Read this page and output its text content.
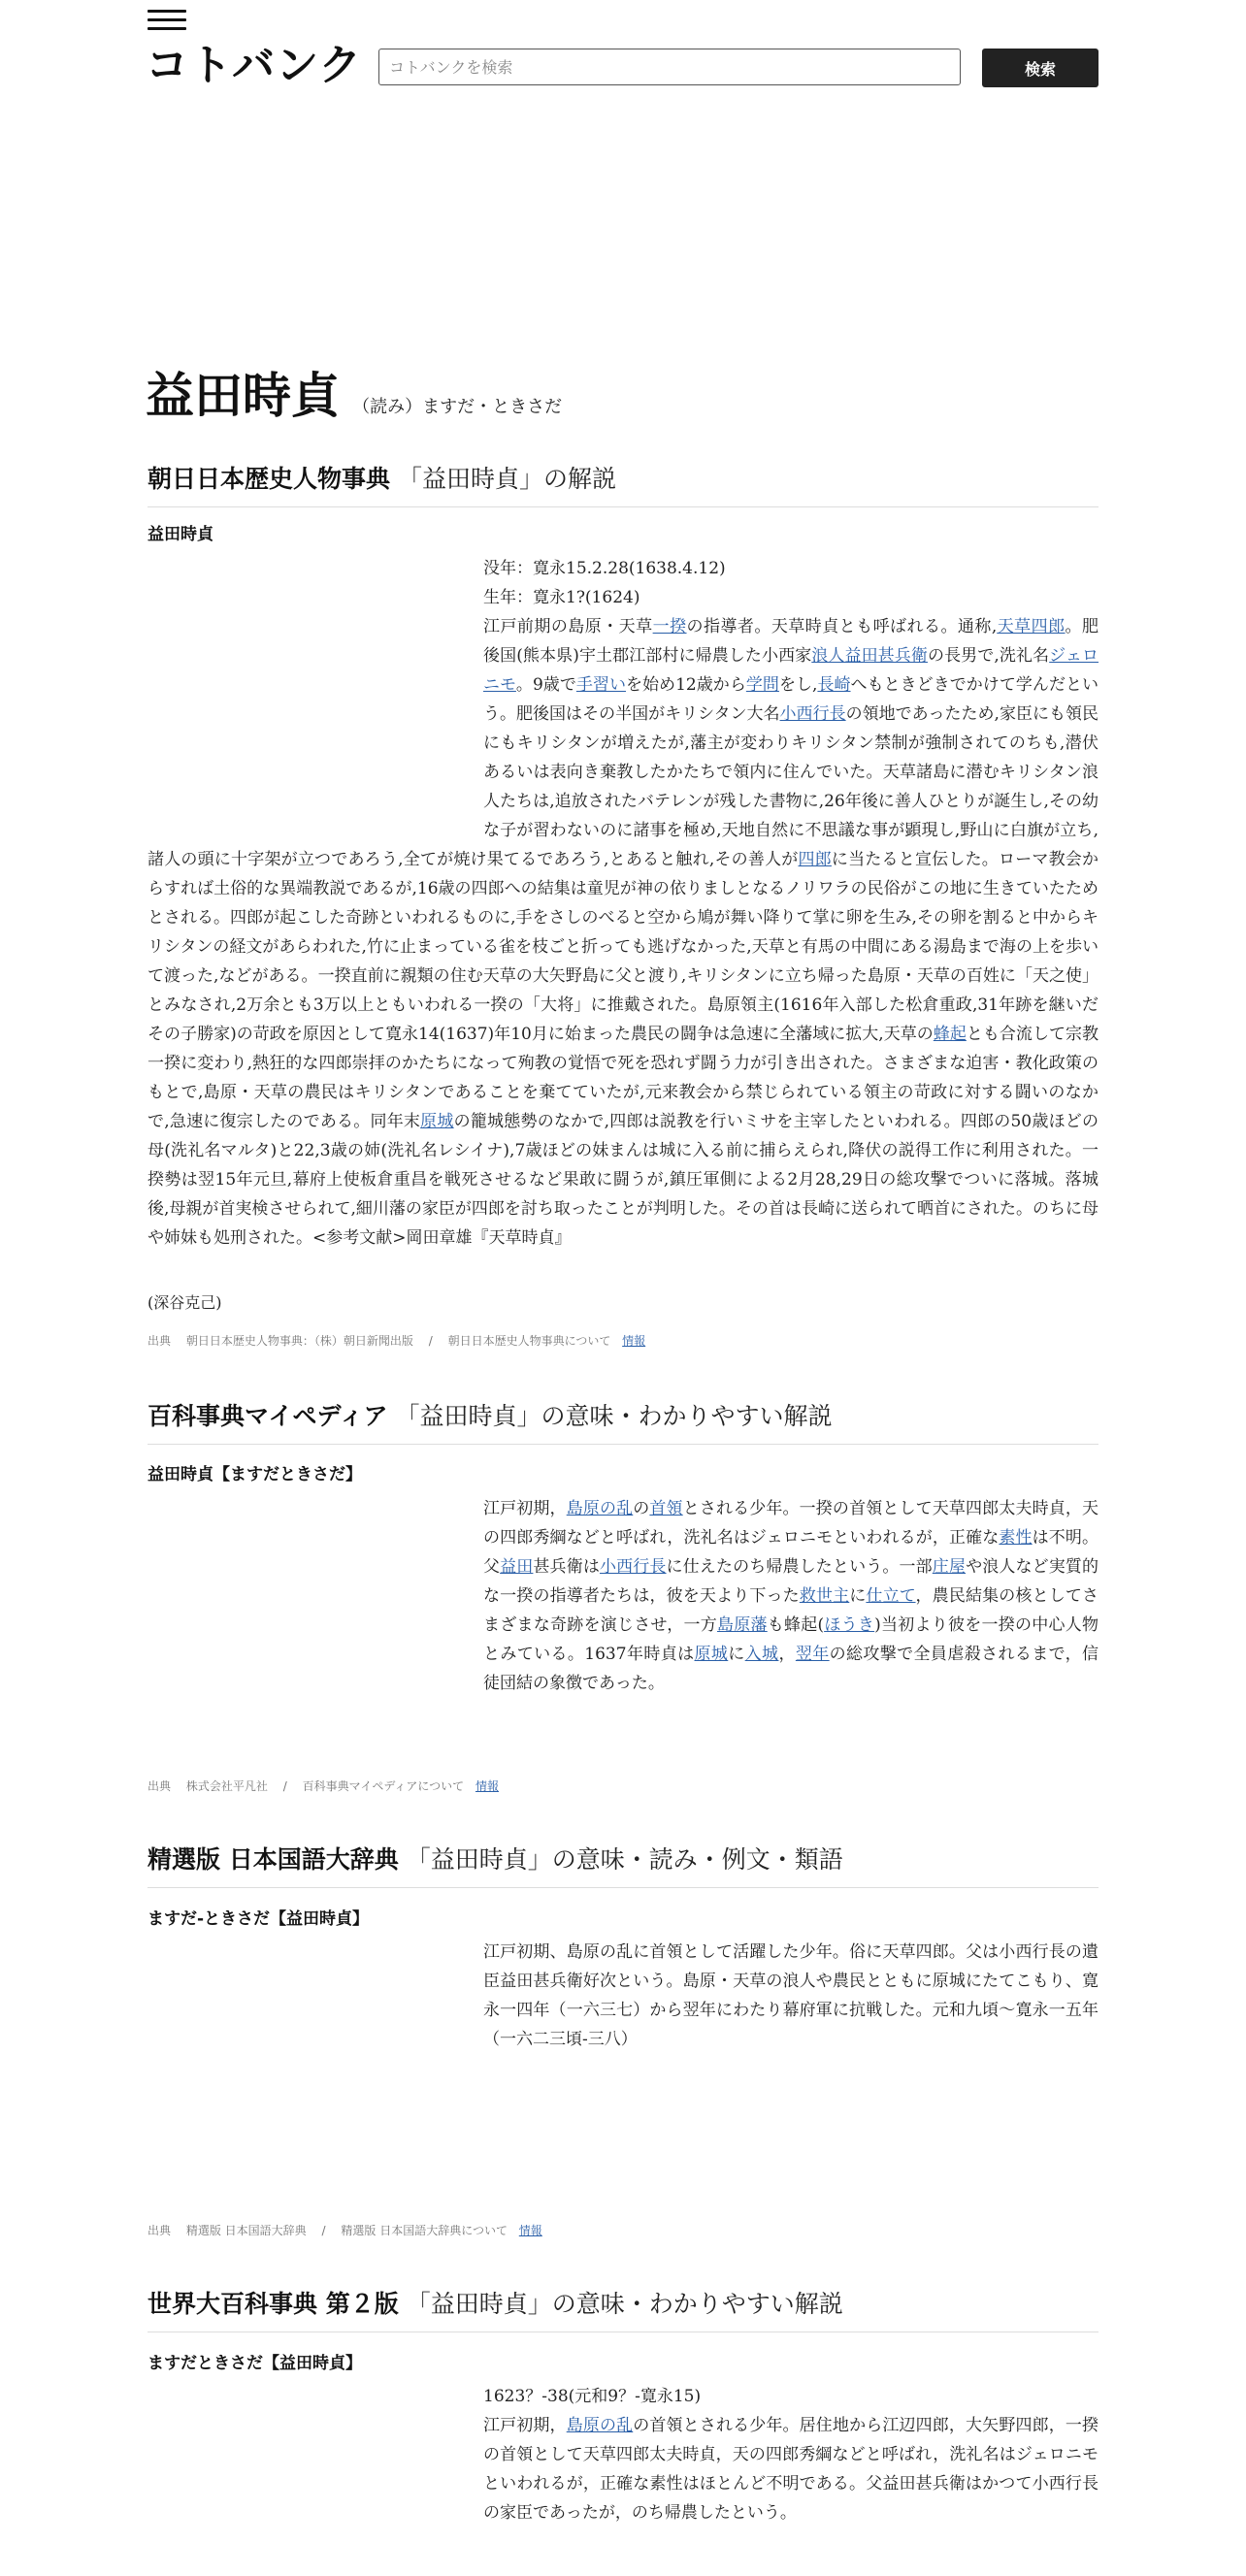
コトバンク
コトバンクを検索	検索
益田時貞 （読み）ますだ・ときさだ
朝日日本歴史人物事典 「益田時貞」の解説
益田時貞
没年：寛永15.2.28(1638.4.12)
生年：寛永1?(1624)
江戸前期の島原・天草一揆の指導者。天草時貞とも呼ばれる。通称,天草四郎。肥後国(熊本県)宇土郡江部村に帰農した小西家浪人益田甚兵衛の長男で,洗礼名ジェロニモ。9歳で手習いを始め12歳から学問をし,長崎へもときどきでかけて学んだという。肥後国はその半国がキリシタン大名小西行長の領地であったため,家臣にも領民にもキリシタンが増えたが,藩主が変わりキリシタン禁制が強制されてのちも,潜伏あるいは表向き棄教したかたちで領内に住んでいた。天草諸島に潜むキリシタン浪人たちは,追放されたバテレンが残した書物に,26年後に善人ひとりが誕生し,その幼な子が習わないのに諸事を極め,天地自然に不思議な事が顕現し,野山に白旗が立ち,諸人の頭に十字架が立つであろう,全てが焼け果てるであろう,とあると触れ,その善人が四郎に当たると宣伝した。ローマ教会からすれば土俗的な異端教説であるが,16歳の四郎への結集は童児が神の依りましとなるノリワラの民俗がこの地に生きていたためとされる。四郎が起こした奇跡といわれるものに,手をさしのべると空から鳩が舞い降りて掌に卵を生み,その卵を割ると中からキリシタンの経文があらわれた,竹に止まっている雀を枝ごと折っても逃げなかった,天草と有馬の中間にある湯島まで海の上を歩いて渡った,などがある。一揆直前に親類の住む天草の大矢野島に父と渡り,キリシタンに立ち帰った島原・天草の百姓に「天之使」とみなされ,2万余とも3万以上ともいわれる一揆の「大将」に推戴された。島原領主(1616年入部した松倉重政,31年跡を継いだその子勝家)の苛政を原因として寛永14(1637)年10月に始まった農民の闘争は急速に全藩域に拡大,天草の蜂起とも合流して宗教一揆に変わり,熱狂的な四郎崇拝のかたちになって殉教の覚悟で死を恐れず闘う力が引き出された。さまざまな迫害・教化政策のもとで,島原・天草の農民はキリシタンであることを棄てていたが,元来教会から禁じられている領主の苛政に対する闘いのなかで,急速に復宗したのである。同年末原城の籠城態勢のなかで,四郎は説教を行いミサを主宰したといわれる。四郎の50歳ほどの母(洗礼名マルタ)と22,3歳の姉(洗礼名レシイナ),7歳ほどの妹まんは城に入る前に捕らえられ,降伏の説得工作に利用された。一揆勢は翌15年元旦,幕府上使板倉重昌を戦死させるなど果敢に闘うが,鎮圧軍側による2月28,29日の総攻撃でついに落城。落城後,母親が首実検させられて,細川藩の家臣が四郎を討ち取ったことが判明した。その首は長崎に送られて晒首にされた。のちに母や姉妹も処刑された。<参考文献>岡田章雄『天草時貞』
(深谷克己)
出典 朝日日本歴史人物事典：（株）朝日新聞出版 / 朝日日本歴史人物事典について 情報
百科事典マイペディア 「益田時貞」の意味・わかりやすい解説
益田時貞【ますだときさだ】
江戸初期，島原の乱の首領とされる少年。一揆の首領として天草四郎太夫時貞，天の四郎秀綱などと呼ばれ，洗礼名はジェロニモといわれるが，正確な素性は不明。父益田甚兵衛は小西行長に仕えたのち帰農したという。一部庄屋や浪人など実質的な一揆の指導者たちは，彼を天より下った救世主に仕立て，農民結集の核としてさまざまな奇跡を演じさせ，一方島原藩も蜂起(ほうき)当初より彼を一揆の中心人物とみている。1637年時貞は原城に入城，翌年の総攻撃で全員虐殺されるまで，信徒団結の象徴であった。
出典 株式会社平凡社 / 百科事典マイペディアについて 情報
精選版 日本国語大辞典 「益田時貞」の意味・読み・例文・類語
ますだ‐ときさだ【益田時貞】
江戸初期、島原の乱に首領として活躍した少年。俗に天草四郎。父は小西行長の遺臣益田甚兵衛好次という。島原・天草の浪人や農民とともに原城にたてこもり、寛永一四年（一六三七）から翌年にわたり幕府軍に抗戦した。元和九頃～寛永一五年（一六二三頃‐三八）
出典 精選版 日本国語大辞典 / 精選版 日本国語大辞典について 情報
世界大百科事典 第２版 「益田時貞」の意味・わかりやすい解説
ますだときさだ【益田時貞】
1623？-38(元和9？-寛永15)
江戸初期，島原の乱の首領とされる少年。居住地から江辺四郎，大矢野四郎，一揆の首領として天草四郎太夫時貞，天の四郎秀綱などと呼ばれ，洗礼名はジェロニモといわれるが，正確な素性はほとんど不明である。父益田甚兵衛はかつて小西行長の家臣であったが，のち帰農したという。
